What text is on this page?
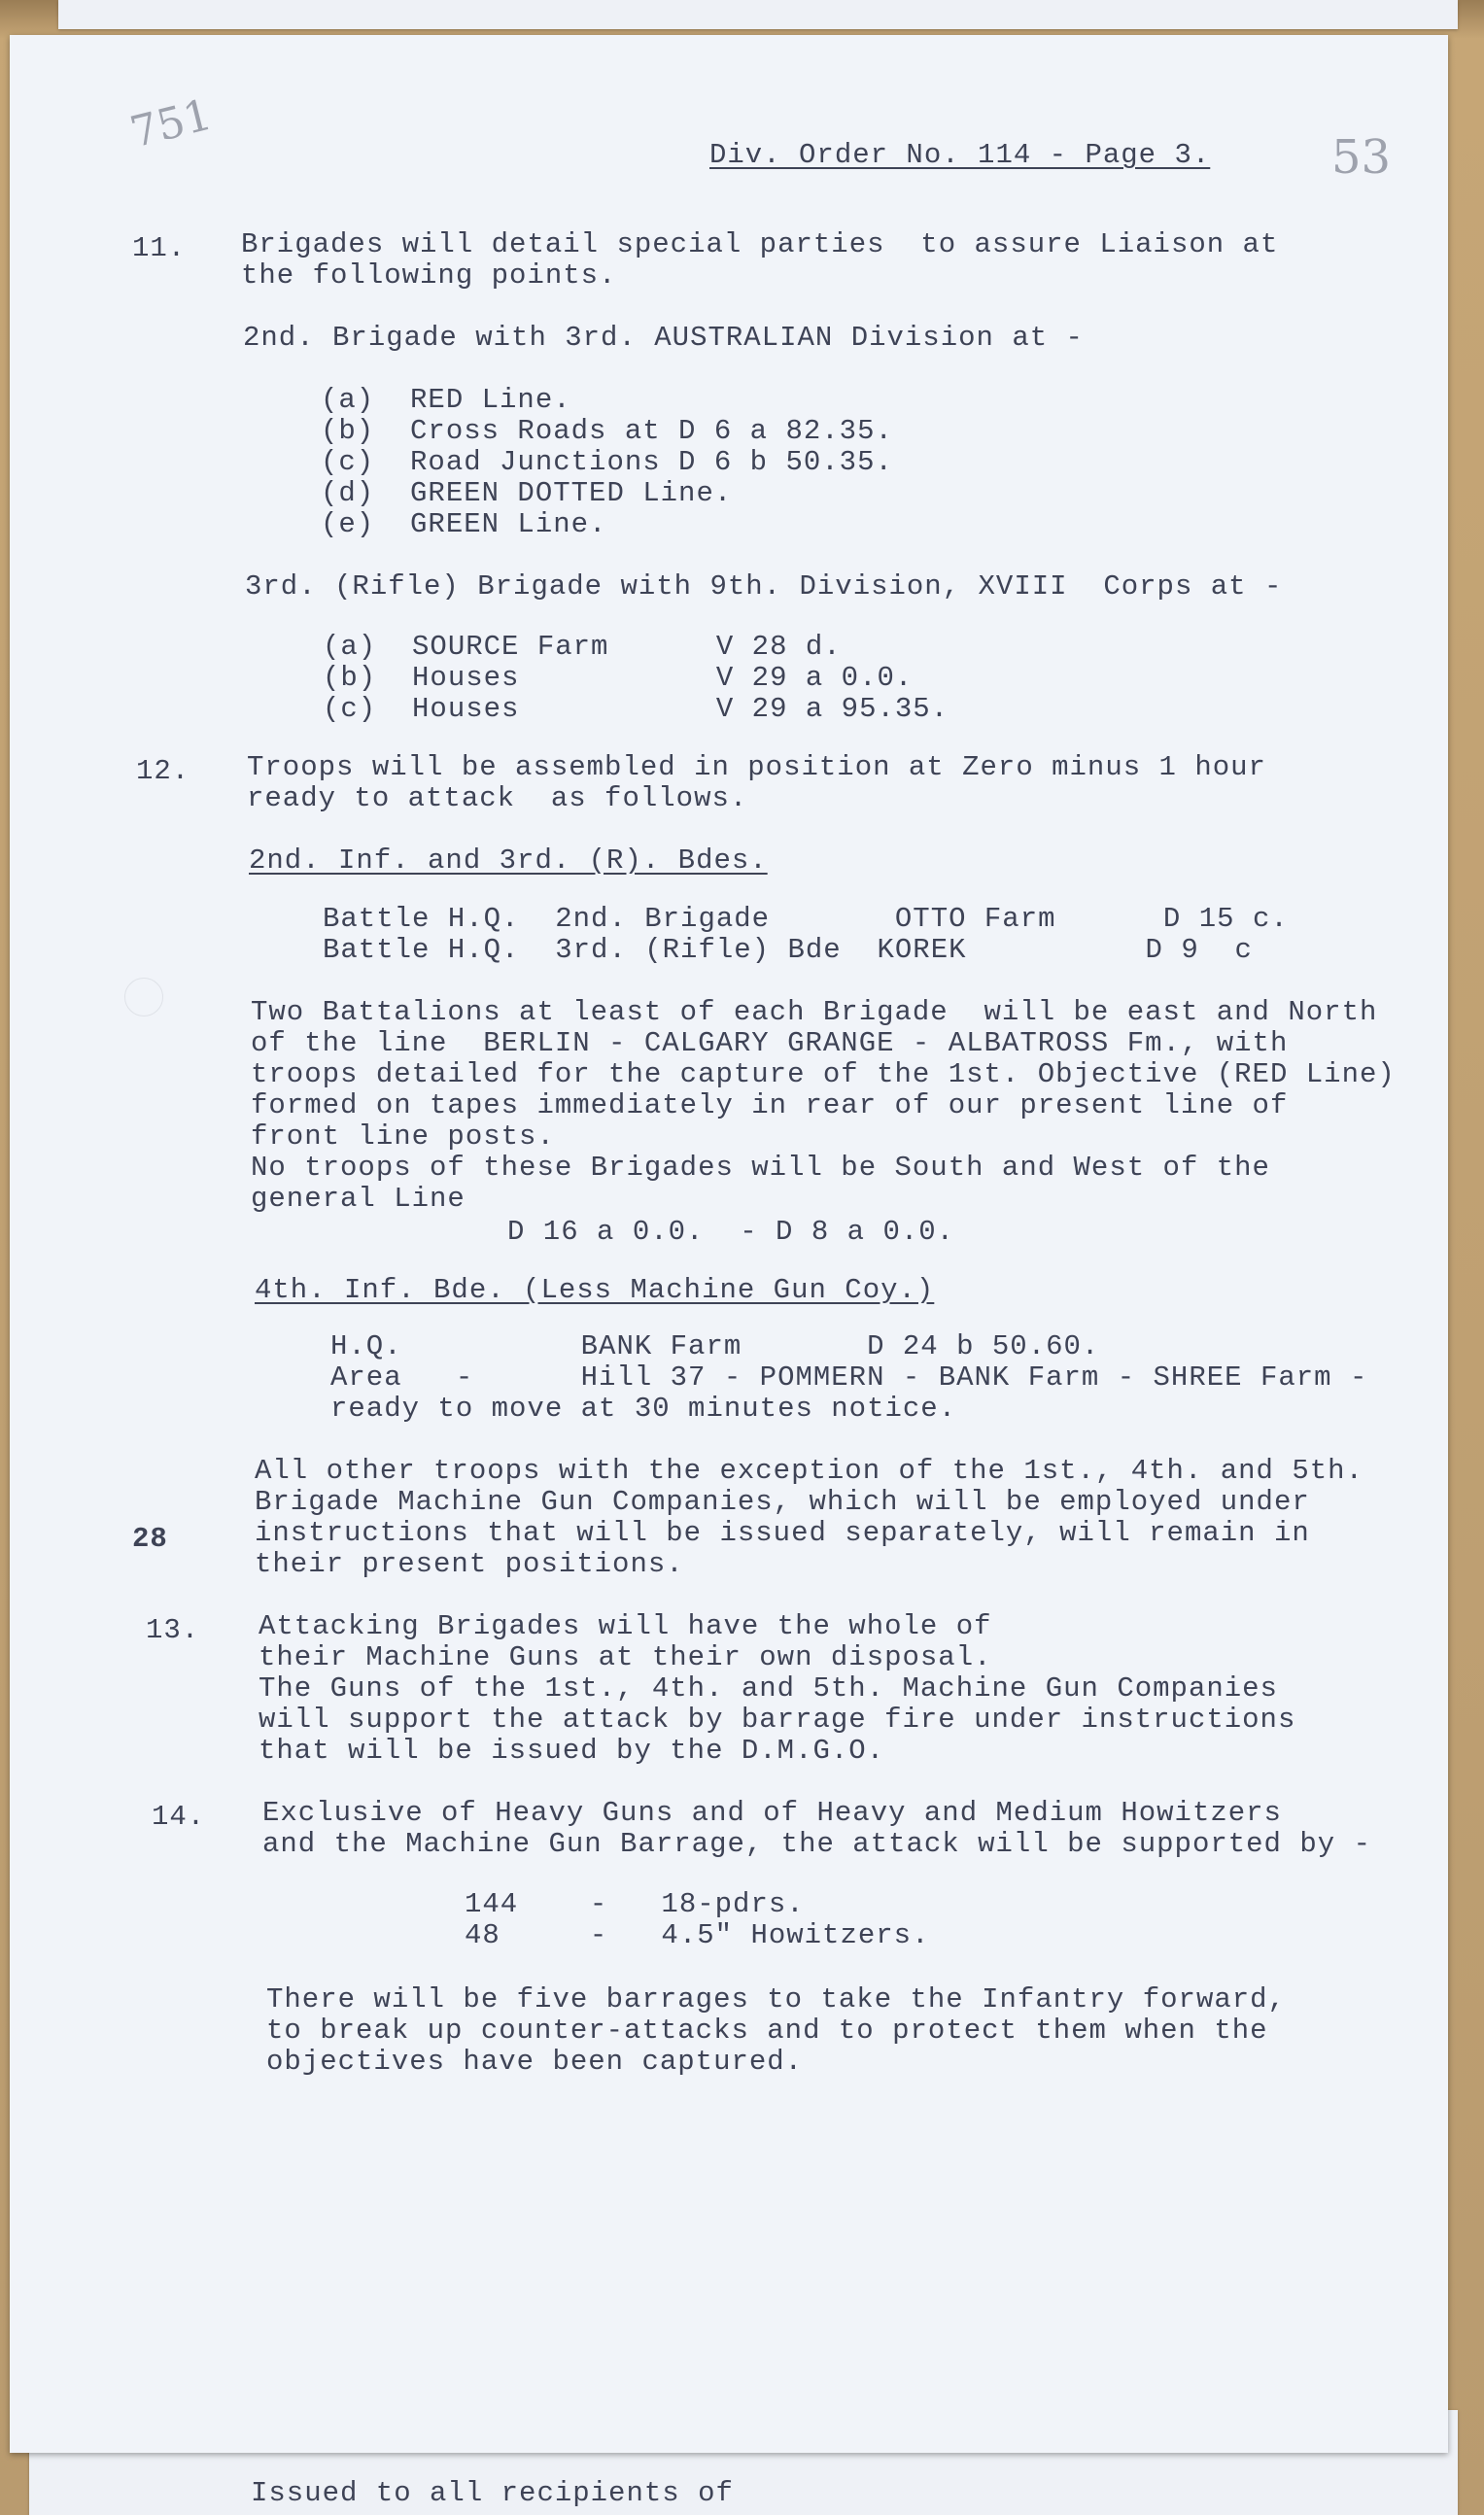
Issued to all recipients of
751	Div. Order No. 114 - Page 3.	53
11. Brigades will detail special parties  to assure Liaison at
the following points.
2nd. Brigade with 3rd. AUSTRALIAN Division at -
(a)  RED Line.
(b)  Cross Roads at D 6 a 82.35.
(c)  Road Junctions D 6 b 50.35.
(d)  GREEN DOTTED Line.
(e)  GREEN Line.
3rd. (Rifle) Brigade with 9th. Division, XVIII  Corps at -
(a)  SOURCE Farm      V 28 d.
(b)  Houses           V 29 a 0.0.
(c)  Houses           V 29 a 95.35.
12. Troops will be assembled in position at Zero minus 1 hour
ready to attack  as follows.
2nd. Inf. and 3rd. (R). Bdes.
Battle H.Q.  2nd. Brigade       OTTO Farm      D 15 c.
Battle H.Q.  3rd. (Rifle) Bde  KOREK          D 9  c
Two Battalions at least of each Brigade  will be east and North
of the line  BERLIN - CALGARY GRANGE - ALBATROSS Fm., with
troops detailed for the capture of the 1st. Objective (RED Line)
formed on tapes immediately in rear of our present line of
front line posts.
No troops of these Brigades will be South and West of the
general Line
D 16 a 0.0.  - D 8 a 0.0.
4th. Inf. Bde. (Less Machine Gun Coy.)
H.Q.          BANK Farm       D 24 b 50.60.
Area   -      Hill 37 - POMMERN - BANK Farm - SHREE Farm -
ready to move at 30 minutes notice.
All other troops with the exception of the 1st., 4th. and 5th.
Brigade Machine Gun Companies, which will be employed under
instructions that will be issued separately, will remain in
their present positions.
28
13. Attacking Brigades will have the whole of
their Machine Guns at their own disposal.
The Guns of the 1st., 4th. and 5th. Machine Gun Companies
will support the attack by barrage fire under instructions
that will be issued by the D.M.G.O.
14. Exclusive of Heavy Guns and of Heavy and Medium Howitzers
and the Machine Gun Barrage, the attack will be supported by -
144    -   18-pdrs.
48     -   4.5" Howitzers.
There will be five barrages to take the Infantry forward,
to break up counter-attacks and to protect them when the
objectives have been captured.
